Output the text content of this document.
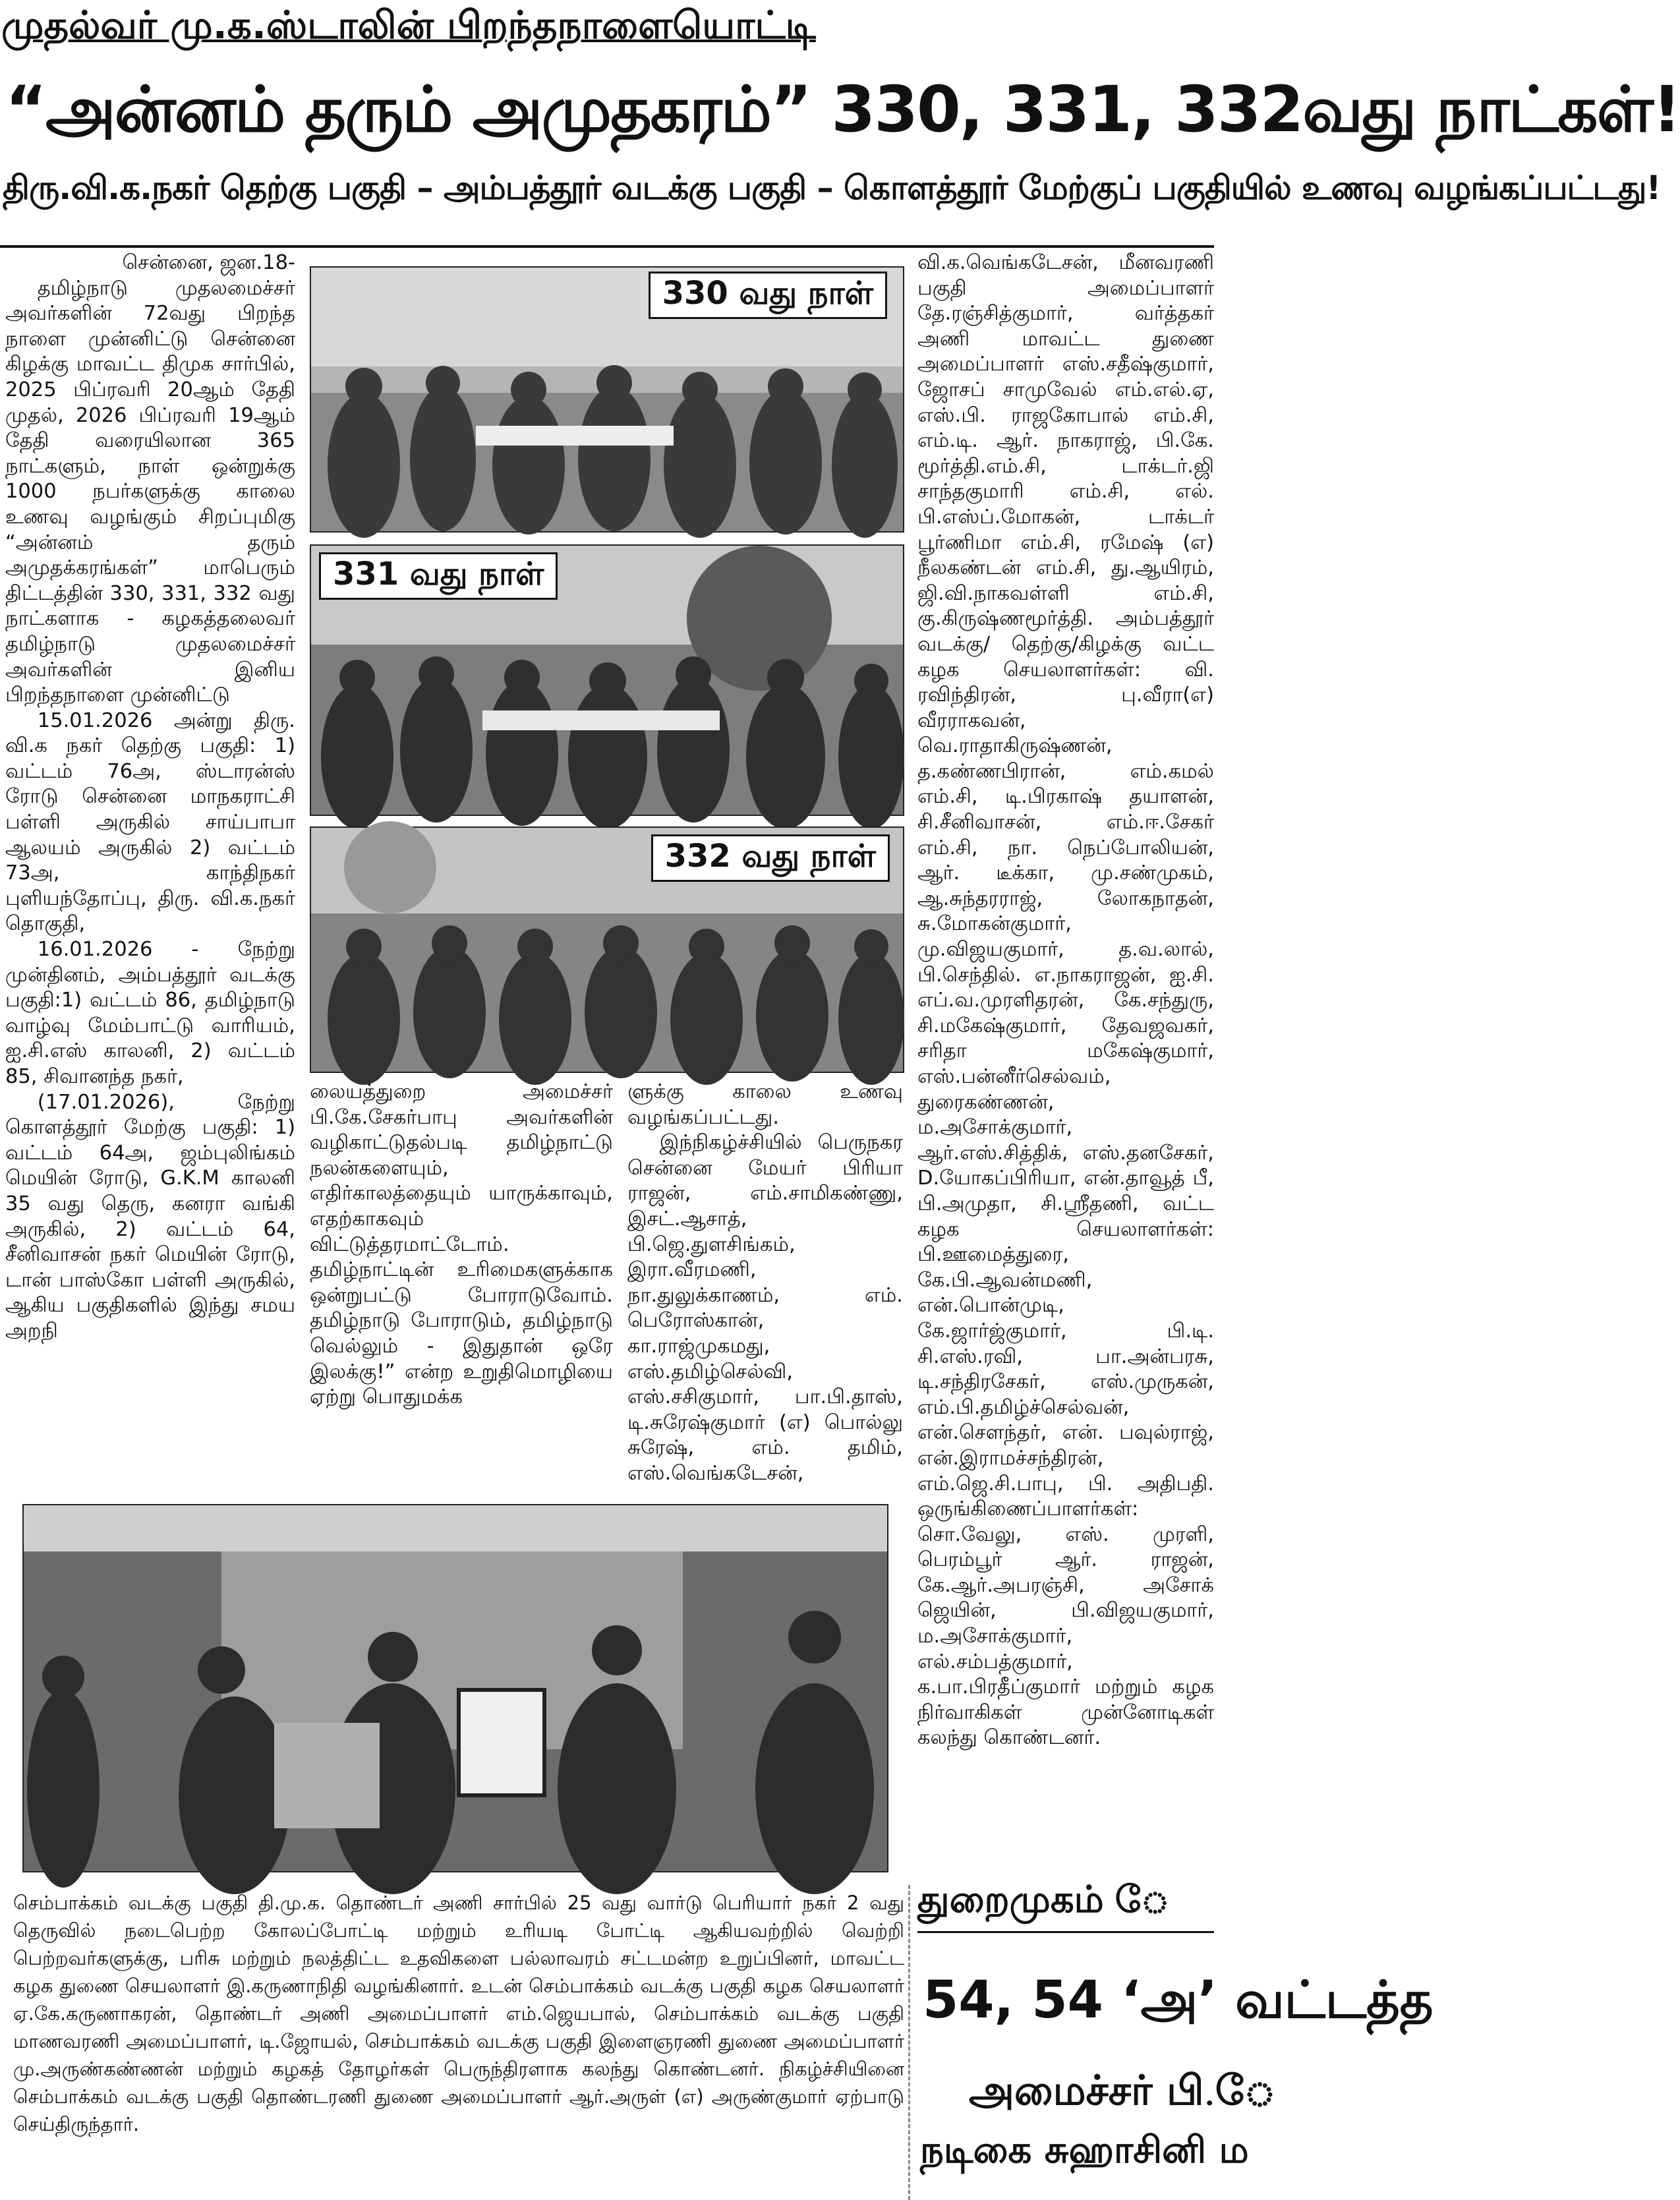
முதல்வர் மு.க.ஸ்டாலின் பிறந்தநாளையொட்டி
“அன்னம் தரும் அமுதகரம்” 330, 331, 332வது நாட்கள்!
திரு.வி.க.நகர் தெற்கு பகுதி – அம்பத்தூர் வடக்கு பகுதி – கொளத்தூர் மேற்குப் பகுதியில் உணவு வழங்கப்பட்டது!

சென்னை, ஜன.18-

தமிழ்நாடு முதலமைச்சர் அவர்களின் 72வது பிறந்த நாளை முன்னிட்டு சென்னை கிழக்கு மாவட்ட திமுக சார்பில், 2025 பிப்ரவரி 20ஆம் தேதி முதல், 2026 பிப்ரவரி 19ஆம் தேதி வரையிலான 365 நாட்களும், நாள் ஒன்றுக்கு 1000 நபர்களுக்கு காலை உணவு வழங்கும் சிறப்புமிகு “அன்னம் தரும் அமுதக்கரங்கள்” மாபெரும் திட்டத்தின் 330, 331, 332 வது நாட்களாக - கழகத்தலைவர் தமிழ்நாடு முதலமைச்சர் அவர்களின் இனிய பிறந்தநாளை முன்னிட்டு

15.01.2026 அன்று திரு. வி.க நகர் தெற்கு பகுதி: 1) வட்டம் 76அ, ஸ்டாரன்ஸ் ரோடு சென்னை மாநகராட்சி பள்ளி அருகில் சாய்பாபா ஆலயம் அருகில் 2) வட்டம் 73அ, காந்திநகர் புளியந்தோப்பு, திரு. வி.க.நகர் தொகுதி,

16.01.2026 - நேற்று முன்தினம், அம்பத்தூர் வடக்கு பகுதி:1) வட்டம் 86, தமிழ்நாடு வாழ்வு மேம்பாட்டு வாரியம், ஐ.சி.எஸ் காலனி, 2) வட்டம் 85, சிவானந்த நகர்,

(17.01.2026), நேற்று கொளத்தூர் மேற்கு பகுதி: 1) வட்டம் 64அ, ஜம்புலிங்கம் மெயின் ரோடு, G.K.M காலனி 35 வது தெரு, கனரா வங்கி அருகில், 2) வட்டம் 64, சீனிவாசன் நகர் மெயின் ரோடு, டான் பாஸ்கோ பள்ளி அருகில், ஆகிய பகுதிகளில் இந்து சமய அறநி

330 வது நாள்
331 வது நாள்
332 வது நாள்

லையத்துறை அமைச்சர் பி.கே.சேகர்பாபு அவர்களின் வழிகாட்டுதல்படி தமிழ்நாட்டு நலன்களையும், எதிர்காலத்தையும் யாருக்காவும், எதற்காகவும் விட்டுத்தரமாட்டோம். தமிழ்நாட்டின் உரிமைகளுக்காக ஒன்றுபட்டு போராடுவோம். தமிழ்நாடு போராடும், தமிழ்நாடு வெல்லும் - இதுதான் ஒரே இலக்கு!” என்ற உறுதிமொழியை ஏற்று பொதுமக்க

ளுக்கு காலை உணவு வழங்கப்பட்டது.

இந்நிகழ்ச்சியில் பெருநகர சென்னை மேயர் பிரியா ராஜன், எம்.சாமிகண்ணு, இசட்.ஆசாத், பி.ஜெ.துளசிங்கம், இரா.வீரமணி, நா.துலுக்காணம், எம். பெரோஸ்கான், கா.ராஜ்முகமது, எஸ்.தமிழ்செல்வி, எஸ்.சசிகுமார், பா.பி.தாஸ், டி.சுரேஷ்குமார் (எ) பொல்லு சுரேஷ், எம். தமிம், எஸ்.வெங்கடேசன்,

வி.க.வெங்கடேசன், மீனவரணி பகுதி அமைப்பாளர் தே.ரஞ்சித்குமார், வர்த்தகர் அணி மாவட்ட துணை அமைப்பாளர் எஸ்.சதீஷ்குமார், ஜோசப் சாமுவேல் எம்.எல்.ஏ, எஸ்.பி. ராஜகோபால் எம்.சி, எம்.டி. ஆர். நாகராஜ், பி.கே. மூர்த்தி.எம்.சி, டாக்டர்.ஜி சாந்தகுமாரி எம்.சி, எல். பி.எஸ்ப்.மோகன், டாக்டர் பூர்ணிமா எம்.சி, ரமேஷ் (எ) நீலகண்டன் எம்.சி, து.ஆயிரம், ஜி.வி.நாகவள்ளி எம்.சி, கு.கிருஷ்ணமூர்த்தி. அம்பத்தூர் வடக்கு/ தெற்கு/கிழக்கு வட்ட கழக செயலாளர்கள்: வி. ரவிந்திரன், பு.வீரா(எ) வீரராகவன், வெ.ராதாகிருஷ்ணன், த.கண்ணபிரான், எம்.கமல் எம்.சி, டி.பிரகாஷ் தயாளன், சி.சீனிவாசன், எம்.ஈ.சேகர் எம்.சி, நா. நெப்போலியன், ஆர். டீக்கா, மு.சண்முகம், ஆ.சுந்தரராஜ், லோகநாதன், சு.மோகன்குமார், மு.விஜயகுமார், த.வ.லால், பி.செந்தில். எ.நாகராஜன், ஐ.சி. எப்.வ.முரளிதரன், கே.சந்துரு, சி.மகேஷ்குமார், தேவஜவகர், சரிதா மகேஷ்குமார், எஸ்.பன்னீர்செல்வம், துரைகண்ணன், ம.அசோக்குமார், ஆர்.எஸ்.சித்திக், எஸ்.தனசேகர், D.யோகப்பிரியா, என்.தாவூத் பீ, பி.அமுதா, சி.ஸ்ரீதணி, வட்ட கழக செயலாளர்கள்: பி.ஊமைத்துரை, கே.பி.ஆவன்மணி, என்.பொன்முடி, கே.ஜார்ஜ்குமார், பி.டி. சி.எஸ்.ரவி, பா.அன்பரசு, டி.சந்திரசேகர், எஸ்.முருகன், எம்.பி.தமிழ்ச்செல்வன், என்.சௌந்தர், என். பவுல்ராஜ், என்.இராமச்சந்திரன், எம்.ஜெ.சி.பாபு, பி. அதிபதி. ஒருங்கிணைப்பாளர்கள்: சொ.வேலு, எஸ். முரளி, பெரம்பூர் ஆர். ராஜன், கே.ஆர்.அபரஞ்சி, அசோக் ஜெயின், பி.விஜயகுமார், ம.அசோக்குமார், எல்.சம்பத்குமார், க.பா.பிரதீப்குமார் மற்றும் கழக நிர்வாகிகள் முன்னோடிகள் கலந்து கொண்டனர்.

செம்பாக்கம் வடக்கு பகுதி தி.மு.க. தொண்டர் அணி சார்பில் 25 வது வார்டு பெரியார் நகர் 2 வது தெருவில் நடைபெற்ற கோலப்போட்டி மற்றும் உரியடி போட்டி ஆகியவற்றில் வெற்றி பெற்றவர்களுக்கு, பரிசு மற்றும் நலத்திட்ட உதவிகளை பல்லாவரம் சட்டமன்ற உறுப்பினர், மாவட்ட கழக துணை செயலாளர் இ.கருணாநிதி வழங்கினார். உடன் செம்பாக்கம் வடக்கு பகுதி கழக செயலாளர் ஏ.கே.கருணாகரன், தொண்டர் அணி அமைப்பாளர் எம்.ஜெயபால், செம்பாக்கம் வடக்கு பகுதி மாணவரணி அமைப்பாளர், டி.ஜோயல், செம்பாக்கம் வடக்கு பகுதி இளைஞரணி துணை அமைப்பாளர் மு.அருண்கண்ணன் மற்றும் கழகத் தோழர்கள் பெருந்திரளாக கலந்து கொண்டனர். நிகழ்ச்சியினை செம்பாக்கம் வடக்கு பகுதி தொண்டரணி துணை அமைப்பாளர் ஆர்.அருள் (எ) அருண்குமார் ஏற்பாடு செய்திருந்தார்.
துறைமுகம் ே
54, 54 ‘அ’ வட்டத்த
அமைச்சர் பி.ே
நடிகை சுஹாசினி ம
